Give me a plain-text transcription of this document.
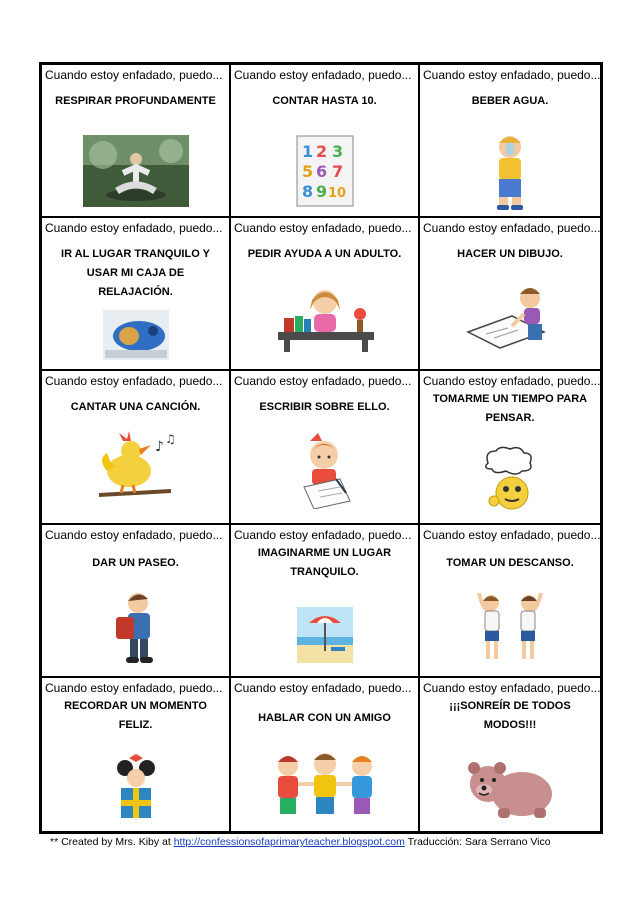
Cuando estoy enfadado, puedo...
RESPIRAR PROFUNDAMENTE
Cuando estoy enfadado, puedo...
CONTAR HASTA 10.
1 2 3
5 6 7
8 9 10
Cuando estoy enfadado, puedo...
BEBER AGUA.
Cuando estoy enfadado, puedo...
IR AL LUGAR TRANQUILO Y USAR MI CAJA DE RELAJACIÓN.
Cuando estoy enfadado, puedo...
PEDIR AYUDA A UN ADULTO.
Cuando estoy enfadado, puedo...
HACER UN DIBUJO.
Cuando estoy enfadado, puedo...
CANTAR UNA CANCIÓN.
♪ ♫
Cuando estoy enfadado, puedo...
ESCRIBIR SOBRE ELLO.
Cuando estoy enfadado, puedo...
TOMARME UN TIEMPO PARA PENSAR.
Cuando estoy enfadado, puedo...
DAR UN PASEO.
Cuando estoy enfadado, puedo...
IMAGINARME UN LUGAR TRANQUILO.
Cuando estoy enfadado, puedo...
TOMAR UN DESCANSO.
Cuando estoy enfadado, puedo...
RECORDAR UN MOMENTO FELIZ.
Cuando estoy enfadado, puedo...
HABLAR CON UN AMIGO
Cuando estoy enfadado, puedo...
¡¡¡SONREÍR DE TODOS MODOS!!!
** Created by Mrs. Kiby at http://confessionsofaprimaryteacher.blogspot.com Traducción: Sara Serrano Vico
